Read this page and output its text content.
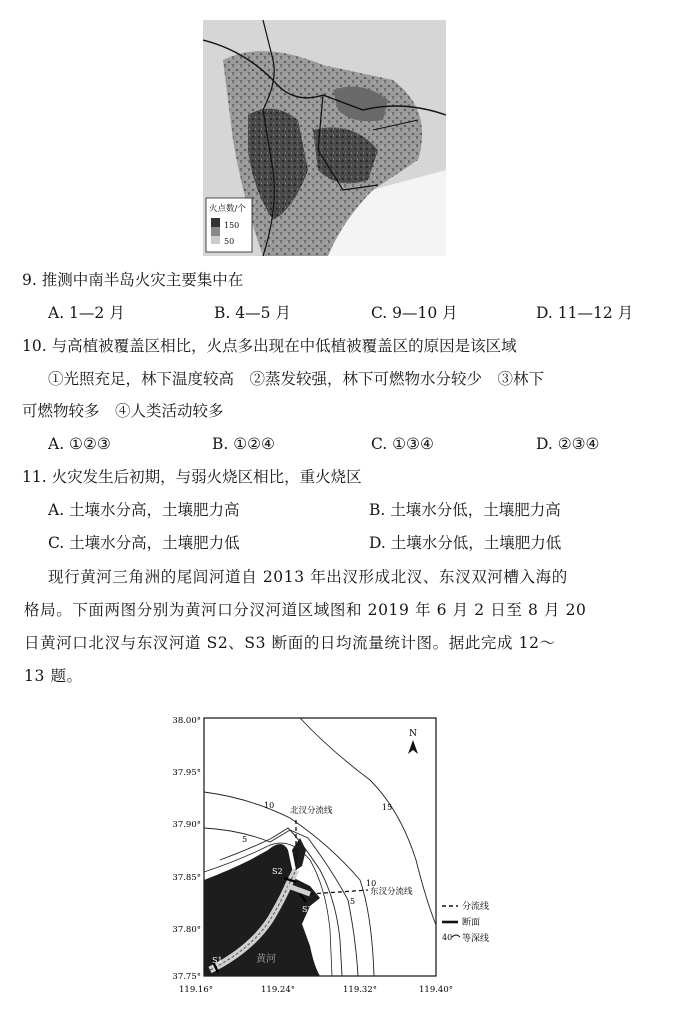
火点数/个
150
50
9. 推测中南半岛火灾主要集中在
A. 1—2 月	B. 4—5 月	C. 9—10 月	D. 11—12 月
10. 与高植被覆盖区相比，火点多出现在中低植被覆盖区的原因是该区域
①光照充足，林下温度较高　②蒸发较强，林下可燃物水分较少　③林下
可燃物较多　④人类活动较多
A. ①②③	B. ①②④	C. ①③④	D. ②③④
11. 火灾发生后初期，与弱火烧区相比，重火烧区
A. 土壤水分高，土壤肥力高	B. 土壤水分低，土壤肥力高
C. 土壤水分高，土壤肥力低	D. 土壤水分低，土壤肥力低
现行黄河三角洲的尾闾河道自 2013 年出汊形成北汊、东汊双河槽入海的
格局。下面两图分别为黄河口分汊河道区域图和 2019 年 6 月 2 日至 8 月 20
日黄河口北汊与东汊河道 S2、S3 断面的日均流量统计图。据此完成 12～
13 题。
38.00°
37.95°
37.90°
37.85°
37.80°
37.75°
119.16°	119.24°	119.32°	119.40°
北汊分流线
东汊分流线
S1
S2
S3
黄河
10	15
5
10
5
N
分流线
断面
40 等深线
